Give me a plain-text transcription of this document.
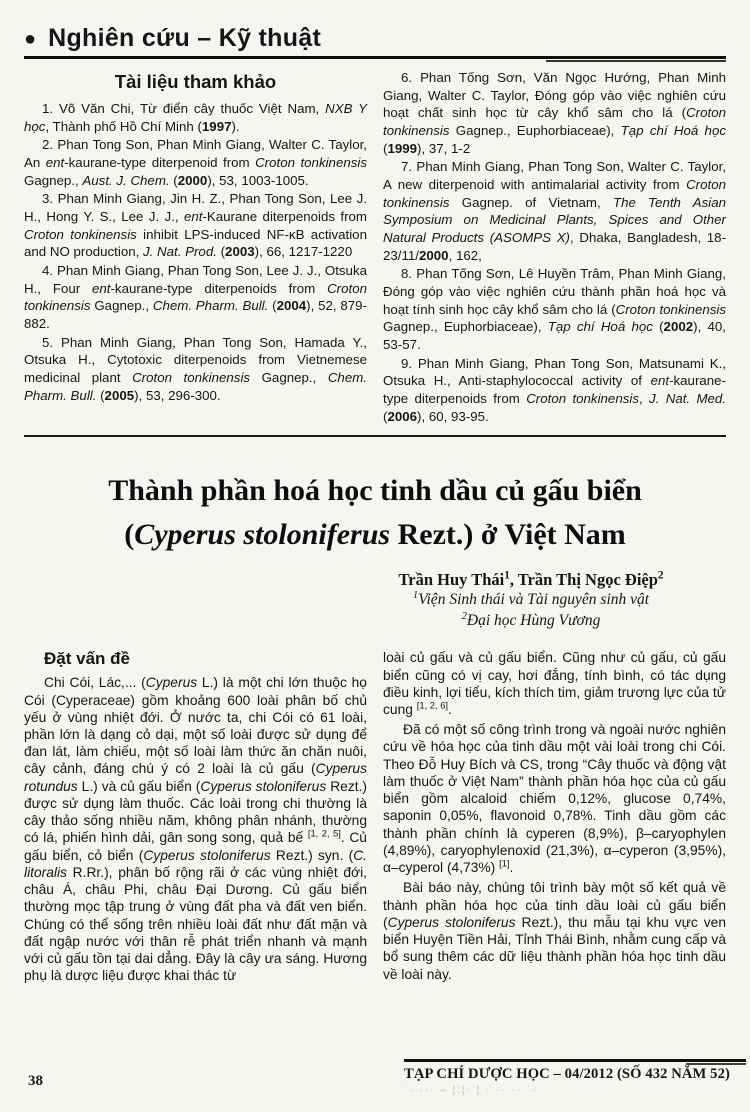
● Nghiên cứu – Kỹ thuật
Tài liệu tham khảo

1. Võ Văn Chi, Từ điển cây thuốc Việt Nam, NXB Y học, Thành phố Hồ Chí Minh (1997).

2. Phan Tong Son, Phan Minh Giang, Walter C. Taylor, An ent-kaurane-type diterpenoid from Croton tonkinensis Gagnep., Aust. J. Chem. (2000), 53, 1003-1005.

3. Phan Minh Giang, Jin H. Z., Phan Tong Son, Lee J. H., Hong Y. S., Lee J. J., ent-Kaurane diterpenoids from Croton tonkinensis inhibit LPS-induced NF-κB activation and NO production, J. Nat. Prod. (2003), 66, 1217-1220

4. Phan Minh Giang, Phan Tong Son, Lee J. J., Otsuka H., Four ent-kaurane-type diterpenoids from Croton tonkinensis Gagnep., Chem. Pharm. Bull. (2004), 52, 879-882.

5. Phan Minh Giang, Phan Tong Son, Hamada Y., Otsuka H., Cytotoxic diterpenoids from Vietnemese medicinal plant Croton tonkinensis Gagnep., Chem. Pharm. Bull. (2005), 53, 296-300.

6. Phan Tống Sơn, Văn Ngọc Hướng, Phan Minh Giang, Walter C. Taylor, Đóng góp vào việc nghiên cứu hoạt chất sinh học từ cây khổ sâm cho lá (Croton tonkinensis Gagnep., Euphorbiaceae), Tạp chí Hoá học (1999), 37, 1-2

7. Phan Minh Giang, Phan Tong Son, Walter C. Taylor, A new diterpenoid with antimalarial activity from Croton tonkinensis Gagnep. of Vietnam, The Tenth Asian Symposium on Medicinal Plants, Spices and Other Natural Products (ASOMPS X), Dhaka, Bangladesh, 18-23/11/2000, 162,

8. Phan Tống Sơn, Lê Huyền Trâm, Phan Minh Giang, Đóng góp vào việc nghiên cứu thành phần hoá học và hoạt tính sinh học cây khổ sâm cho lá (Croton tonkinensis Gagnep., Euphorbiaceae), Tạp chí Hoá học (2002), 40, 53-57.

9. Phan Minh Giang, Phan Tong Son, Matsunami K., Otsuka H., Anti-staphylococcal activity of ent-kaurane-type diterpenoids from Croton tonkinensis, J. Nat. Med. (2006), 60, 93-95.

Thành phần hoá học tinh dầu củ gấu biển
(Cyperus stoloniferus Rezt.) ở Việt Nam
Trần Huy Thái$^1$, Trần Thị Ngọc Điệp$^2$
$^1$Viện Sinh thái và Tài nguyên sinh vật
$^2$Đại học Hùng Vương
Đặt vấn đề

Chi Cói, Lác,... (Cyperus L.) là một chi lớn thuộc họ Cói (Cyperaceae) gồm khoảng 600 loài phân bố chủ yếu ở vùng nhiệt đới. Ở nước ta, chi Cói có 61 loài, phần lớn là dạng cỏ dại, một số loài được sử dụng để đan lát, làm chiếu, một số loài làm thức ăn chăn nuôi, cây cảnh, đáng chú ý có 2 loài là củ gấu (Cyperus rotundus L.) và củ gấu biển (Cyperus stoloniferus Rezt.) được sử dụng làm thuốc. Các loài trong chi thường là cây thảo sống nhiều năm, không phân nhánh, thường có lá, phiến hình dải, gân song song, quả bế [1, 2, 5]. Củ gấu biển, cỏ biển (Cyperus stoloniferus Rezt.) syn. (C. litoralis R.Rr.), phân bố rộng rãi ở các vùng nhiệt đới, châu Á, châu Phi, châu Đại Dương. Củ gấu biển thường mọc tập trung ở vùng đất pha và đất ven biển. Chúng có thể sống trên nhiều loài đất như đất mặn và đất ngập nước với thân rễ phát triển nhanh và mạnh với củ gấu tồn tại dai dẳng. Đây là cây ưa sáng. Hương phụ là dược liệu được khai thác từ

loài củ gấu và củ gấu biển. Cũng như củ gấu, củ gấu biển cũng có vị cay, hơi đắng, tính bình, có tác dụng điều kinh, lợi tiểu, kích thích tim, giảm trương lực của tử cung [1, 2, 6].

Đã có một số công trình trong và ngoài nước nghiên cứu về hóa học của tinh dầu một vài loài trong chi Cói. Theo Đỗ Huy Bích và CS, trong “Cây thuốc và động vật làm thuốc ở Việt Nam” thành phần hóa học của củ gấu biển gồm alcaloid chiếm 0,12%, glucose 0,74%, saponin 0,05%, flavonoid 0,78%. Tinh dầu gồm các thành phần chính là cyperen (8,9%), β–caryophylen (4,89%), caryophylenoxid (21,3%), α–cyperon (3,95%), α–cyperol (4,73%) [1].

Bài báo này, chúng tôi trình bày một số kết quả về thành phần hóa học của tinh dầu loài củ gấu biển (Cyperus stoloniferus Rezt.), thu mẫu tại khu vực ven biển Huyện Tiền Hải, Tỉnh Thái Bình, nhằm cung cấp và bổ sung thêm các dữ liệu thành phần hóa học tinh dầu về loài này.

38	TẠP CHÍ DƯỢC HỌC – 04/2012 (SỐ 432 NĂM 52)
˙· ··· – ¦:¦· ¦ · ·· ·· ˙·
